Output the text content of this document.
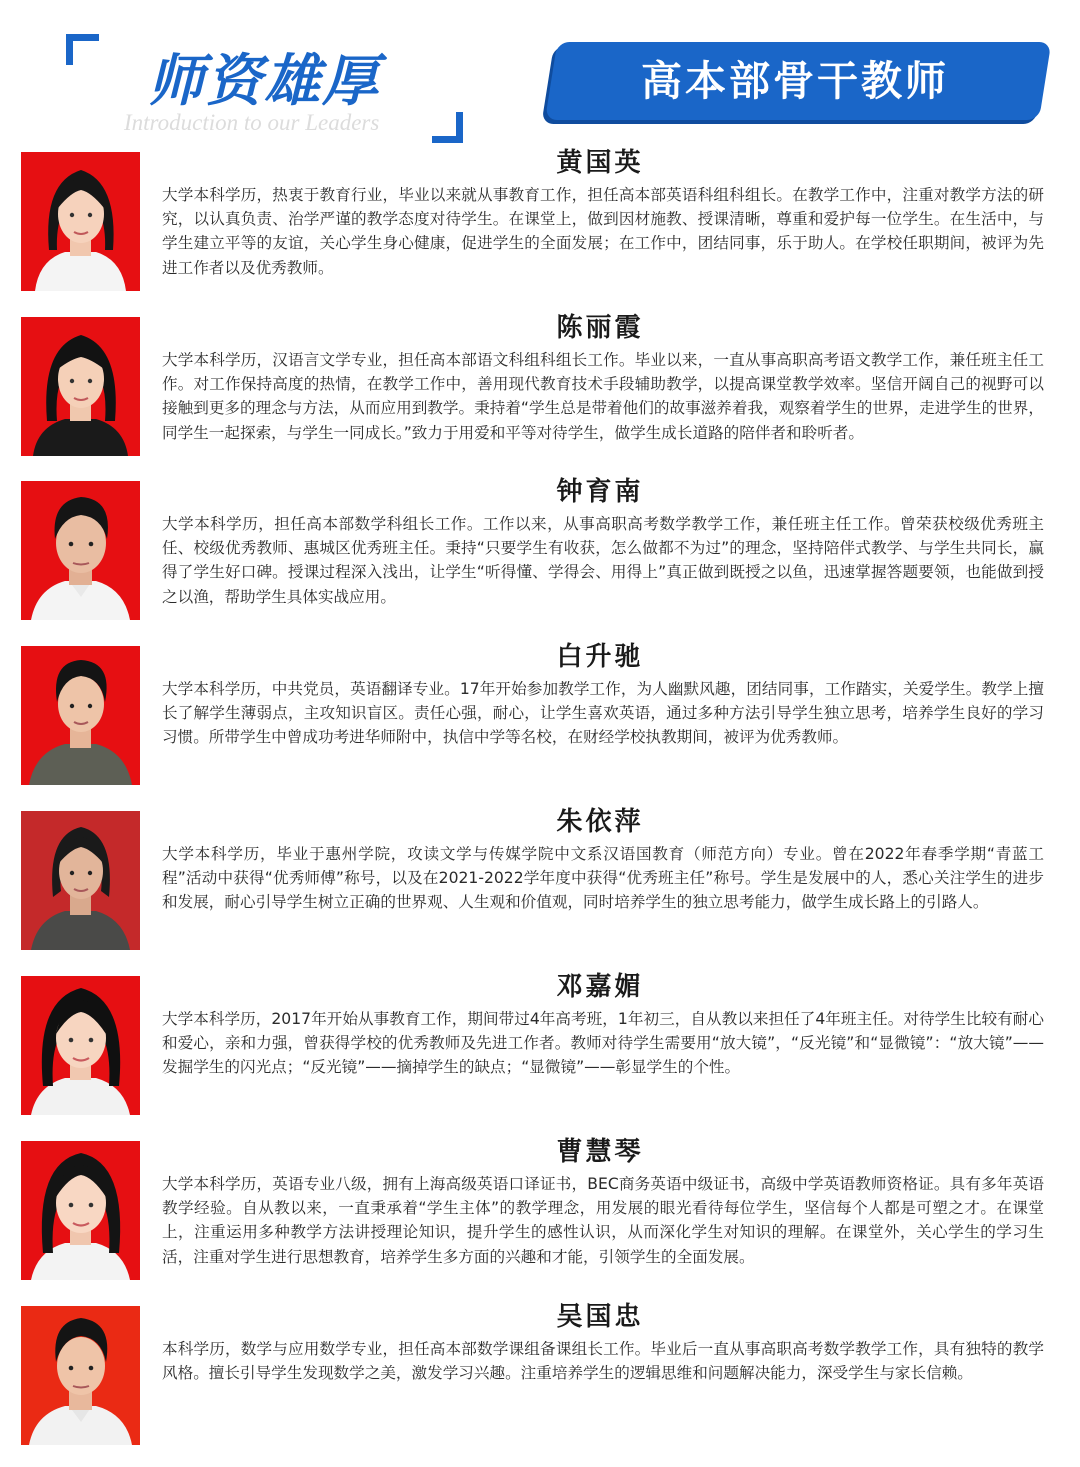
师资雄厚
Introduction to our Leaders
高本部骨干教师
黄国英

大学本科学历，热衷于教育行业，毕业以来就从事教育工作，担任高本部英语科组科组长。在教学工作中，注重对教学方法的研究，以认真负责、治学严谨的教学态度对待学生。在课堂上，做到因材施教、授课清晰，尊重和爱护每一位学生。在生活中，与学生建立平等的友谊，关心学生身心健康，促进学生的全面发展；在工作中，团结同事，乐于助人。在学校任职期间，被评为先进工作者以及优秀教师。

陈丽霞

大学本科学历，汉语言文学专业，担任高本部语文科组科组长工作。毕业以来，一直从事高职高考语文教学工作，兼任班主任工作。对工作保持高度的热情，在教学工作中，善用现代教育技术手段辅助教学，以提高课堂教学效率。坚信开阔自己的视野可以接触到更多的理念与方法，从而应用到教学。秉持着“学生总是带着他们的故事滋养着我，观察着学生的世界，走进学生的世界，同学生一起探索，与学生一同成长。”致力于用爱和平等对待学生，做学生成长道路的陪伴者和聆听者。

钟育南

大学本科学历，担任高本部数学科组长工作。工作以来，从事高职高考数学教学工作，兼任班主任工作。曾荣获校级优秀班主任、校级优秀教师、惠城区优秀班主任。秉持“只要学生有收获，怎么做都不为过”的理念，坚持陪伴式教学、与学生共同长，赢得了学生好口碑。授课过程深入浅出，让学生“听得懂、学得会、用得上”真正做到既授之以鱼，迅速掌握答题要领，也能做到授之以渔，帮助学生具体实战应用。

白升驰

大学本科学历，中共党员，英语翻译专业。17年开始参加教学工作，为人幽默风趣，团结同事，工作踏实，关爱学生。教学上擅长了解学生薄弱点，主攻知识盲区。责任心强，耐心，让学生喜欢英语，通过多种方法引导学生独立思考，培养学生良好的学习习惯。所带学生中曾成功考进华师附中，执信中学等名校，在财经学校执教期间，被评为优秀教师。

朱依萍

大学本科学历，毕业于惠州学院，攻读文学与传媒学院中文系汉语国教育（师范方向）专业。曾在2022年春季学期“青蓝工程”活动中获得“优秀师傅”称号，以及在2021-2022学年度中获得“优秀班主任”称号。学生是发展中的人，悉心关注学生的进步和发展，耐心引导学生树立正确的世界观、人生观和价值观，同时培养学生的独立思考能力，做学生成长路上的引路人。

邓嘉媚

大学本科学历，2017年开始从事教育工作，期间带过4年高考班，1年初三，自从教以来担任了4年班主任。对待学生比较有耐心和爱心，亲和力强，曾获得学校的优秀教师及先进工作者。教师对待学生需要用“放大镜”，“反光镜”和“显微镜”：“放大镜”——发掘学生的闪光点；“反光镜”——摘掉学生的缺点；“显微镜”——彰显学生的个性。

曹慧琴

大学本科学历，英语专业八级，拥有上海高级英语口译证书，BEC商务英语中级证书，高级中学英语教师资格证。具有多年英语教学经验。自从教以来，一直秉承着“学生主体”的教学理念，用发展的眼光看待每位学生，坚信每个人都是可塑之才。在课堂上，注重运用多种教学方法讲授理论知识，提升学生的感性认识，从而深化学生对知识的理解。在课堂外，关心学生的学习生活，注重对学生进行思想教育，培养学生多方面的兴趣和才能，引领学生的全面发展。

吴国忠

本科学历，数学与应用数学专业，担任高本部数学课组备课组长工作。毕业后一直从事高职高考数学教学工作，具有独特的教学风格。擅长引导学生发现数学之美，激发学习兴趣。注重培养学生的逻辑思维和问题解决能力，深受学生与家长信赖。
